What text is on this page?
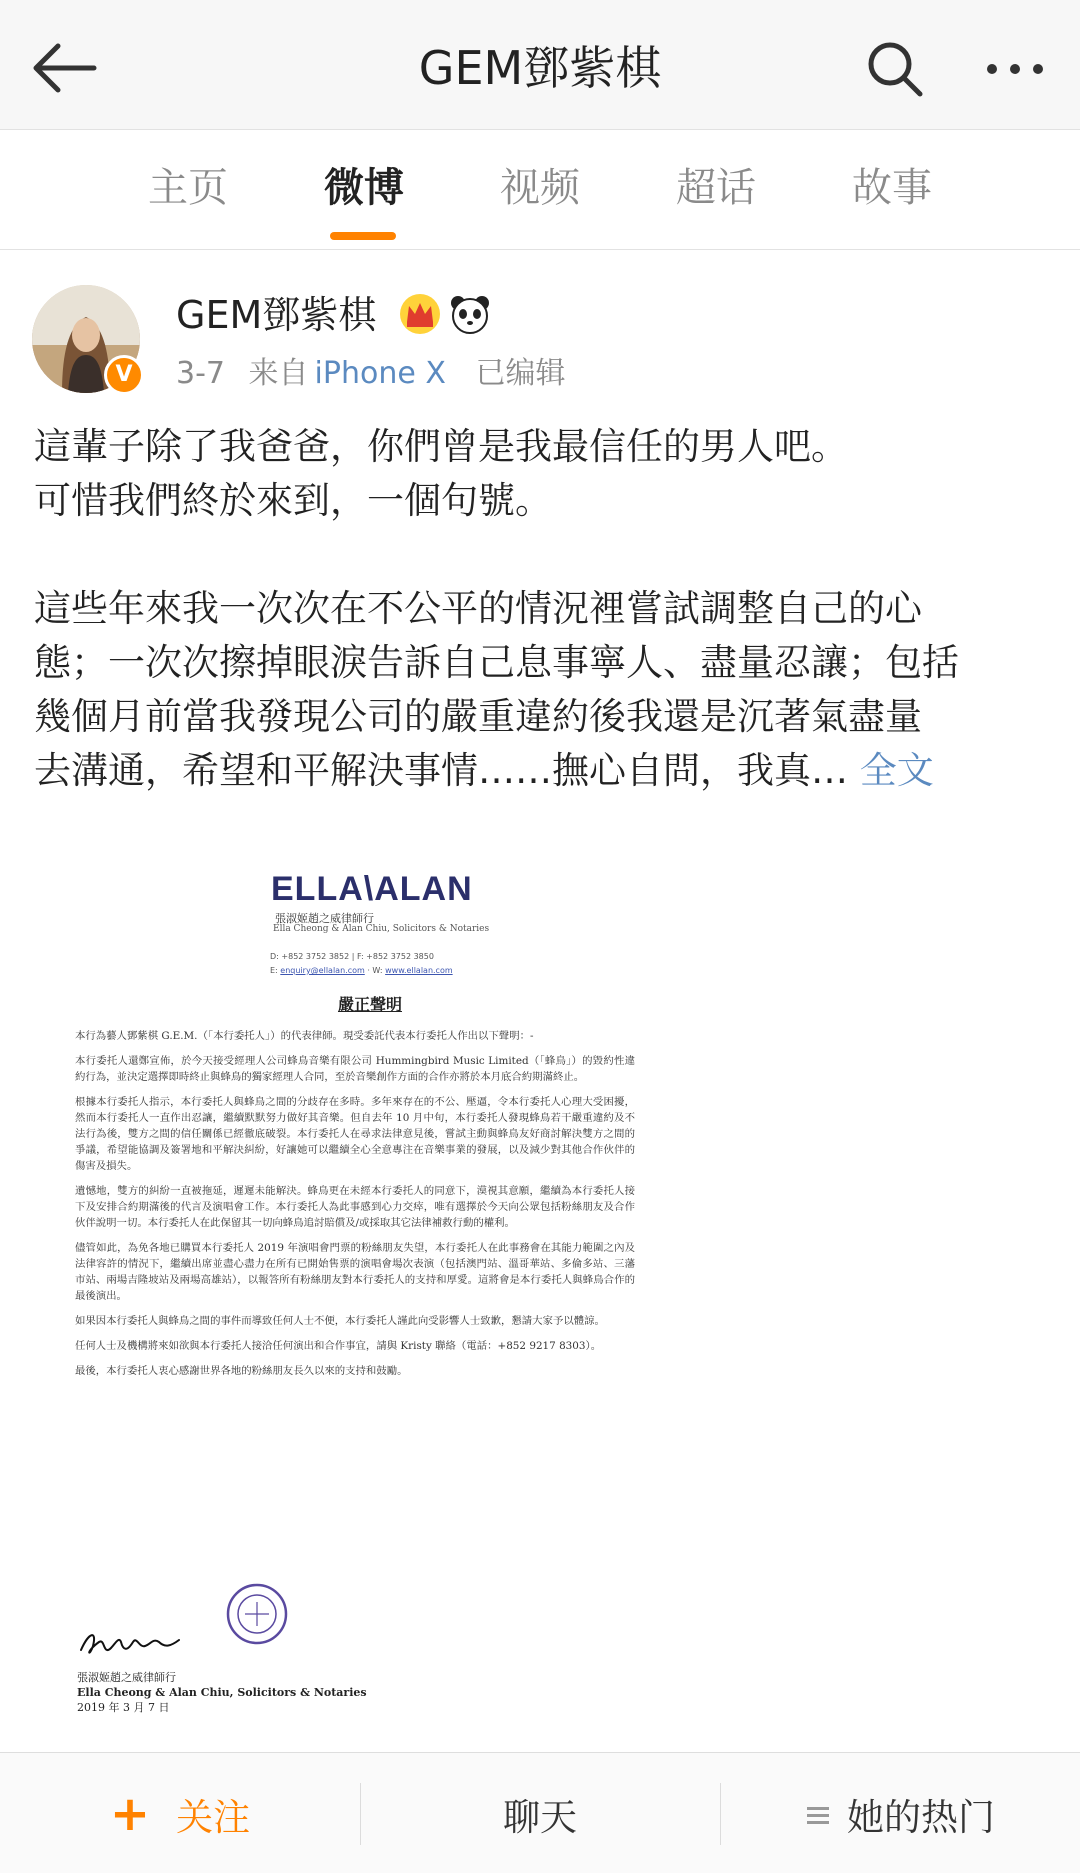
GEM鄧紫棋
主页	微博	视频	超话	故事
V
GEM鄧紫棋
3-7 来自 iPhone X 已编辑

這輩子除了我爸爸，你們曾是我最信任的男人吧。

可惜我們終於來到，一個句號。

這些年來我一次次在不公平的情況裡嘗試調整自己的心

態；一次次擦掉眼淚告訴自己息事寧人、盡量忍讓；包括

幾個月前當我發現公司的嚴重違約後我還是沉著氣盡量

去溝通，希望和平解決事情……撫心自問，我真… 全文

ELLA\ALAN
張淑姬趙之威律師行
Ella Cheong & Alan Chiu, Solicitors & Notaries
D: +852 3752 3852 | F: +852 3752 3850
E: enquiry@ellalan.com · W: www.ellalan.com
嚴正聲明

本行為藝人鄧紫棋 G.E.M.（「本行委托人」）的代表律師。現受委託代表本行委托人作出以下聲明：-

本行委托人還鄭宣佈，於今天接受經理人公司蜂鳥音樂有限公司 Hummingbird Music Limited（「蜂鳥」）的毀約性違約行為，並決定選擇即時終止與蜂鳥的獨家經理人合同，至於音樂創作方面的合作亦將於本月底合約期滿終止。

根據本行委托人指示，本行委托人與蜂鳥之間的分歧存在多時。多年來存在的不公、壓逼，令本行委托人心理大受困擾，然而本行委托人一直作出忍讓，繼續默默努力做好其音樂。但自去年 10 月中旬，本行委托人發現蜂鳥若干嚴重違約及不法行為後，雙方之間的信任關係已經徹底破裂。本行委托人在尋求法律意見後，嘗試主動與蜂鳥友好商討解決雙方之間的爭議，希望能協調及簽署地和平解決糾紛，好讓她可以繼續全心全意專注在音樂事業的發展，以及減少對其他合作伙伴的傷害及損失。

遺憾地，雙方的糾紛一直被拖延，遲遲未能解決。蜂鳥更在未經本行委托人的同意下，漠視其意願，繼續為本行委托人接下及安排合約期滿後的代言及演唱會工作。本行委托人為此事感到心力交瘁，唯有選擇於今天向公眾包括粉絲朋友及合作伙伴說明一切。本行委托人在此保留其一切向蜂鳥追討賠償及/或採取其它法律補救行動的權利。

儘管如此，為免各地已購買本行委托人 2019 年演唱會門票的粉絲朋友失望，本行委托人在此事務會在其能力範圍之內及法律容許的情況下，繼續出席並盡心盡力在所有已開始售票的演唱會場次表演（包括澳門站、溫哥華站、多倫多站、三藩市站、兩場吉隆坡站及兩場高雄站），以報答所有粉絲朋友對本行委托人的支持和厚愛。這將會是本行委托人與蜂鳥合作的最後演出。

如果因本行委托人與蜂鳥之間的事件而導致任何人士不便，本行委托人謹此向受影響人士致歉，懇請大家予以體諒。

任何人士及機構將來如欲與本行委托人接洽任何演出和合作事宜，請與 Kristy 聯絡（電話：+852 9217 8303）。

最後，本行委托人衷心感謝世界各地的粉絲朋友長久以來的支持和鼓勵。

張淑姬趙之威律師行
Ella Cheong & Alan Chiu, Solicitors & Notaries
2019 年 3 月 7 日
+ 关注	聊天	她的热门
